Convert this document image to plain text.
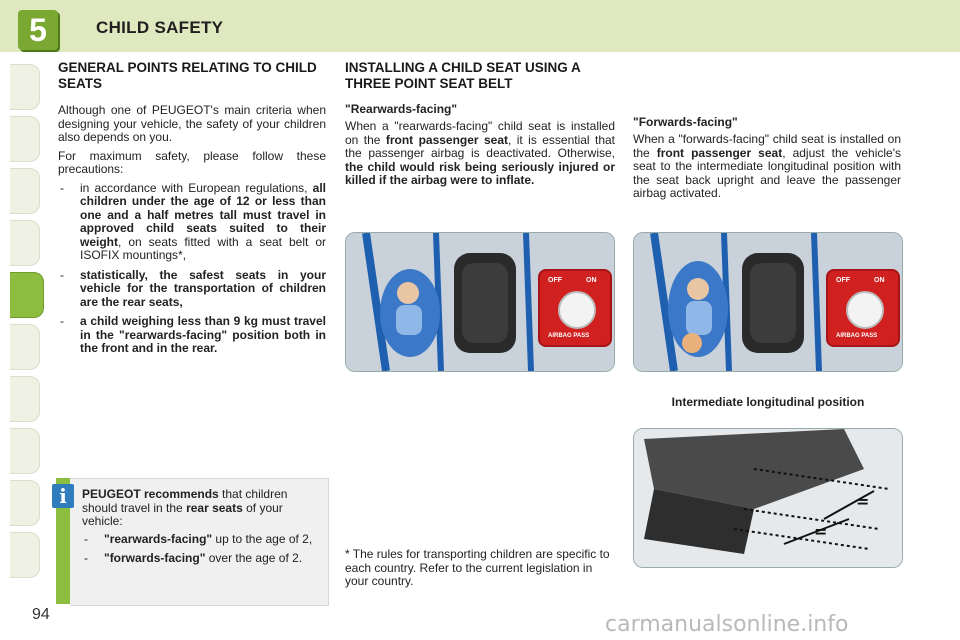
5	CHILD SAFETY
GENERAL POINTS RELATING TO CHILD SEATS

Although one of PEUGEOT's main criteria when designing your vehicle, the safety of your children also depends on you.

For maximum safety, please follow these precautions:

- in accordance with European regulations, all children under the age of 12 or less than one and a half metres tall must travel in approved child seats suited to their weight, on seats fitted with a seat belt or ISOFIX mountings*,
- statistically, the safest seats in your vehicle for the transportation of children are the rear seats,
- a child weighing less than 9 kg must travel in the "rearwards-facing" position both in the front and in the rear.
i	PEUGEOT recommends that children should travel in the rear seats of your vehicle:

- "rearwards-facing" up to the age of 2,
- "forwards-facing" over the age of 2.
INSTALLING A CHILD SEAT USING A THREE POINT SEAT BELT
"Rearwards-facing"
When a "rearwards-facing" child seat is installed on the front passenger seat, it is essential that the passenger airbag is deactivated. Otherwise, the child would risk being seriously injured or killed if the airbag were to inflate.
"Forwards-facing"
When a "forwards-facing" child seat is installed on the front passenger seat, adjust the vehicle's seat to the intermediate longitudinal position with the seat back upright and leave the passenger airbag activated.
OFF	ON
AIRBAG PASS
OFF	ON
AIRBAG PASS
Intermediate longitudinal position
=
=
* The rules for transporting children are specific to each country. Refer to the current legislation in your country.
94	carmanualsonline.info
